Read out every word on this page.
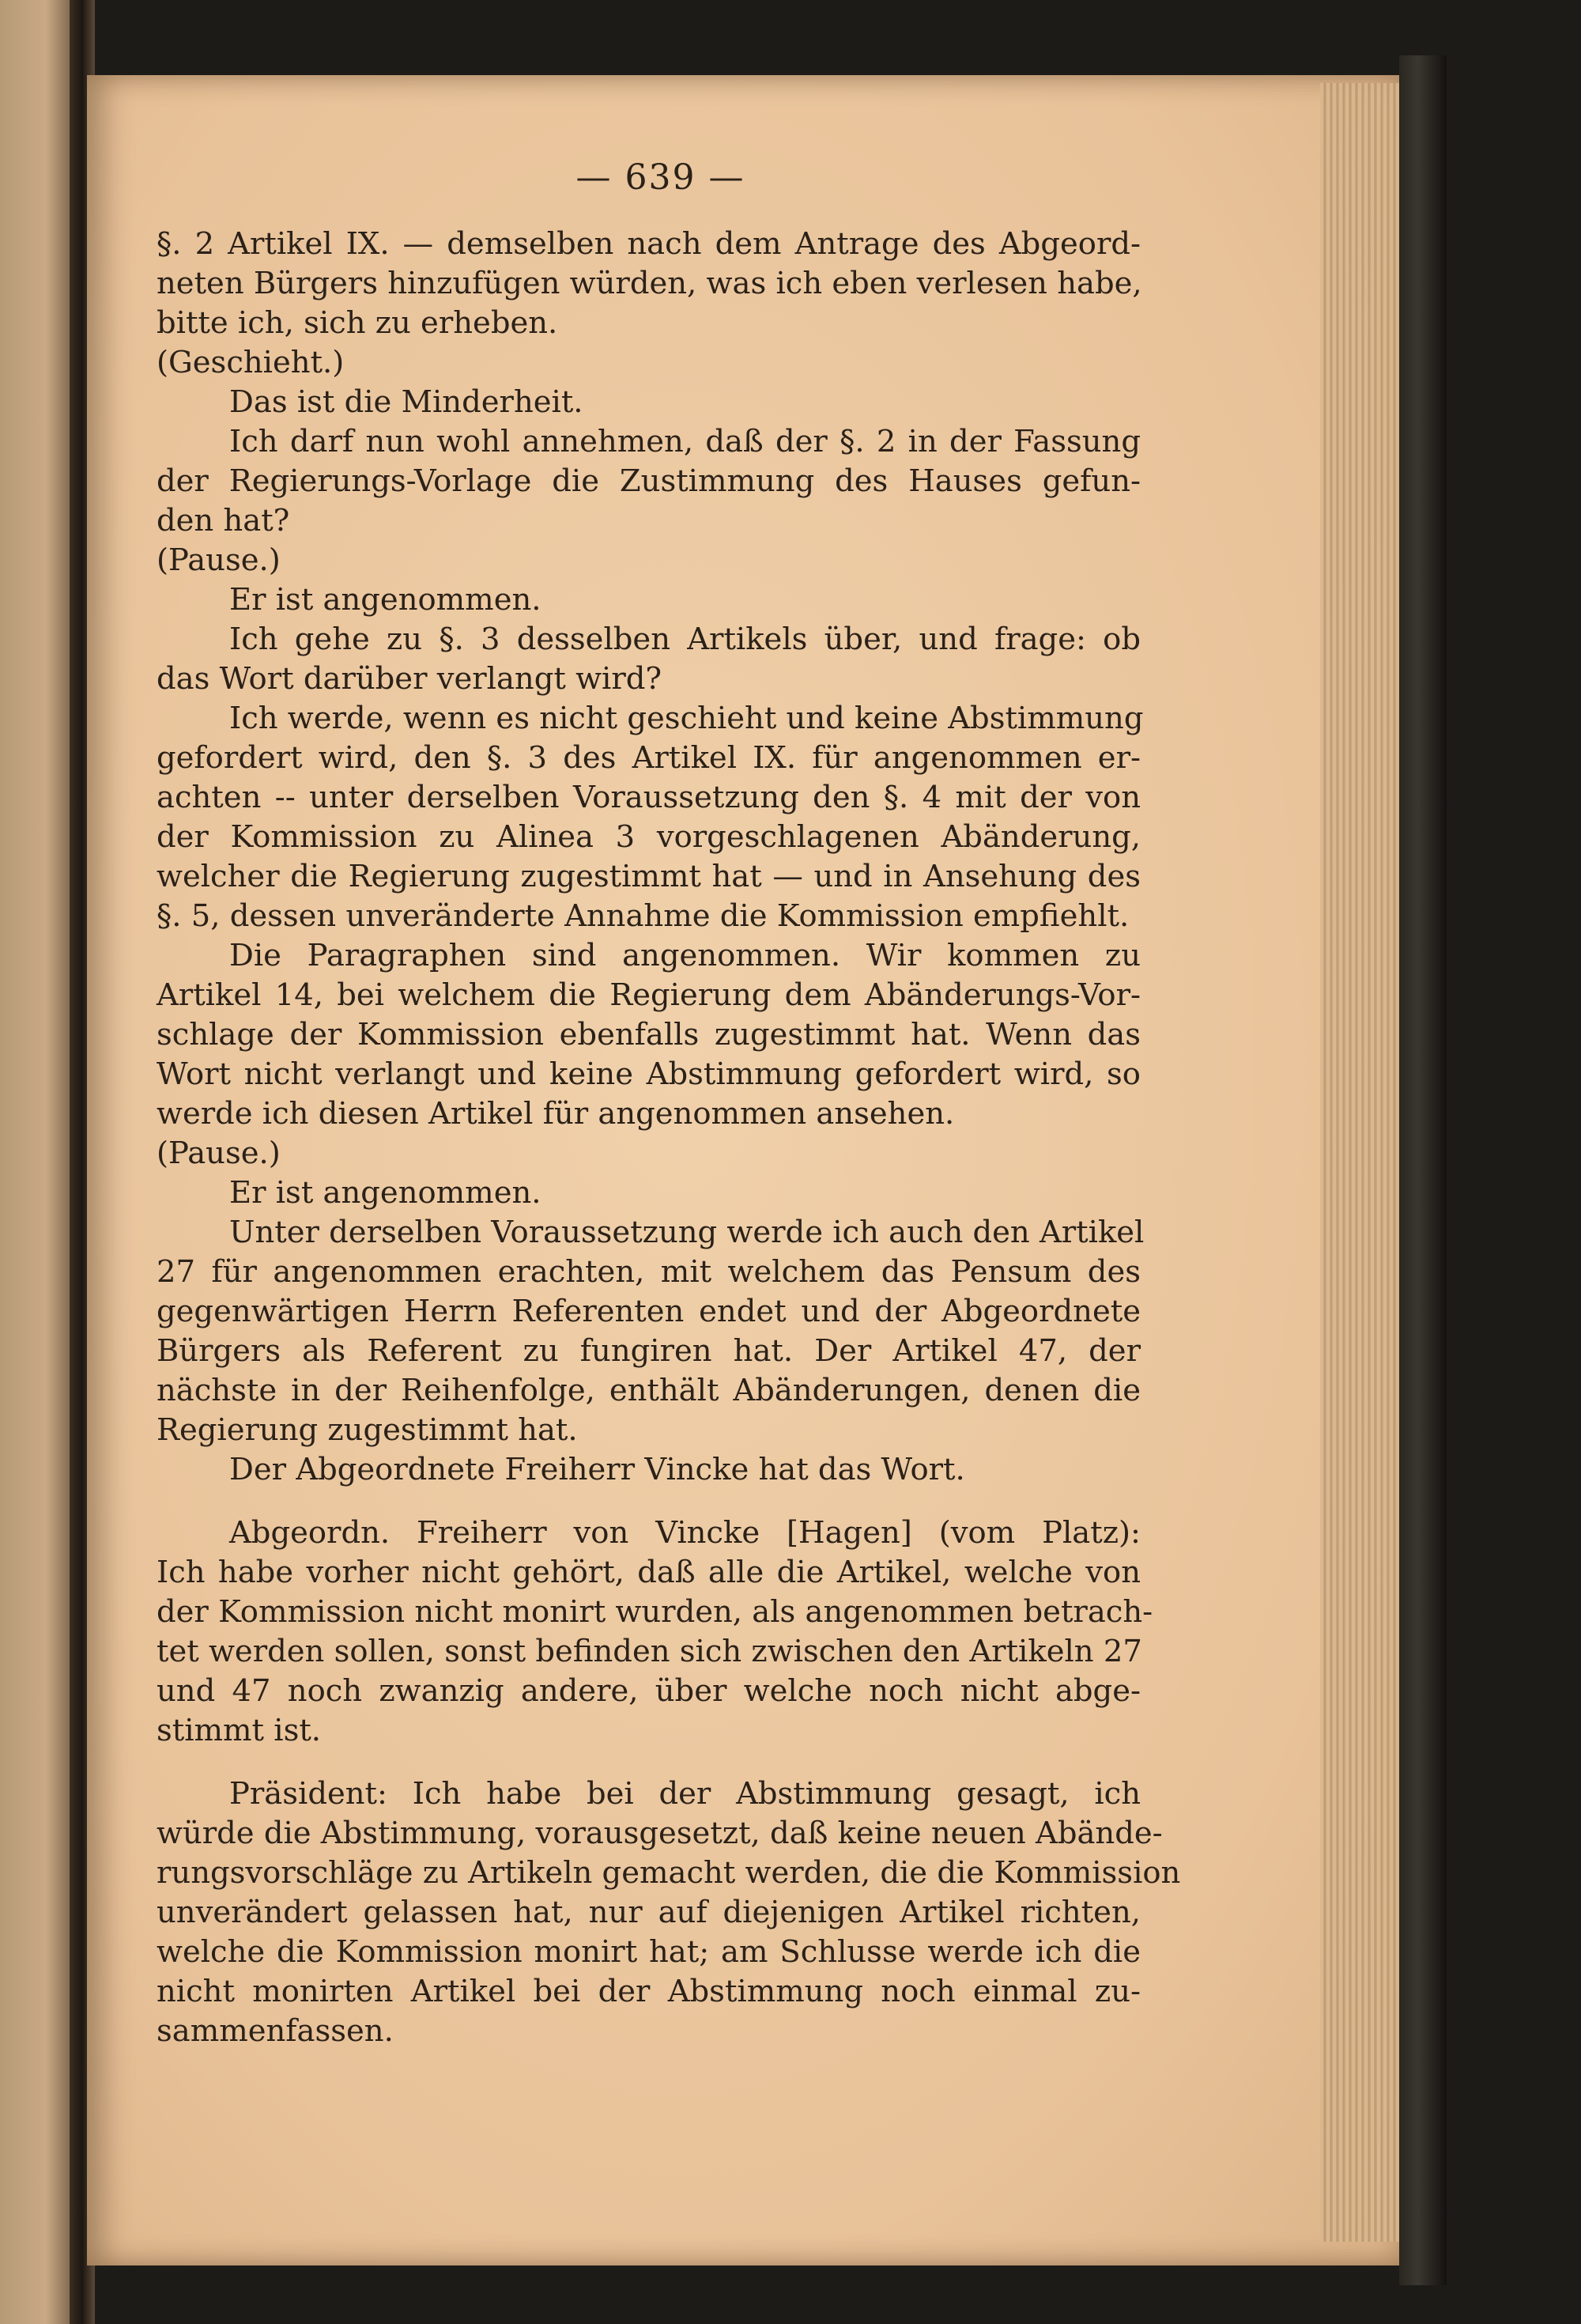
— 639 —
§. 2 Artikel IX. — demselben nach dem Antrage des Abgeord-
neten Bürgers hinzufügen würden, was ich eben verlesen habe,
bitte ich, sich zu erheben.
(Geschieht.)
Das ist die Minderheit.
Ich darf nun wohl annehmen, daß der §. 2 in der Fassung
der Regierungs-Vorlage die Zustimmung des Hauses gefun-
den hat?
(Pause.)
Er ist angenommen.
Ich gehe zu §. 3 desselben Artikels über, und frage: ob
das Wort darüber verlangt wird?
Ich werde, wenn es nicht geschieht und keine Abstimmung
gefordert wird, den §. 3 des Artikel IX. für angenommen er-
achten -- unter derselben Voraussetzung den §. 4 mit der von
der Kommission zu Alinea 3 vorgeschlagenen Abänderung,
welcher die Regierung zugestimmt hat — und in Ansehung des
§. 5, dessen unveränderte Annahme die Kommission empfiehlt.
Die Paragraphen sind angenommen. Wir kommen zu
Artikel 14, bei welchem die Regierung dem Abänderungs-Vor-
schlage der Kommission ebenfalls zugestimmt hat. Wenn das
Wort nicht verlangt und keine Abstimmung gefordert wird, so
werde ich diesen Artikel für angenommen ansehen.
(Pause.)
Er ist angenommen.
Unter derselben Voraussetzung werde ich auch den Artikel
27 für angenommen erachten, mit welchem das Pensum des
gegenwärtigen Herrn Referenten endet und der Abgeordnete
Bürgers als Referent zu fungiren hat. Der Artikel 47, der
nächste in der Reihenfolge, enthält Abänderungen, denen die
Regierung zugestimmt hat.
Der Abgeordnete Freiherr Vincke hat das Wort.
Abgeordn. Freiherr von Vincke [Hagen] (vom Platz):
Ich habe vorher nicht gehört, daß alle die Artikel, welche von
der Kommission nicht monirt wurden, als angenommen betrach-
tet werden sollen, sonst befinden sich zwischen den Artikeln 27
und 47 noch zwanzig andere, über welche noch nicht abge-
stimmt ist.
Präsident: Ich habe bei der Abstimmung gesagt, ich
würde die Abstimmung, vorausgesetzt, daß keine neuen Abände-
rungsvorschläge zu Artikeln gemacht werden, die die Kommission
unverändert gelassen hat, nur auf diejenigen Artikel richten,
welche die Kommission monirt hat; am Schlusse werde ich die
nicht monirten Artikel bei der Abstimmung noch einmal zu-
sammenfassen.
